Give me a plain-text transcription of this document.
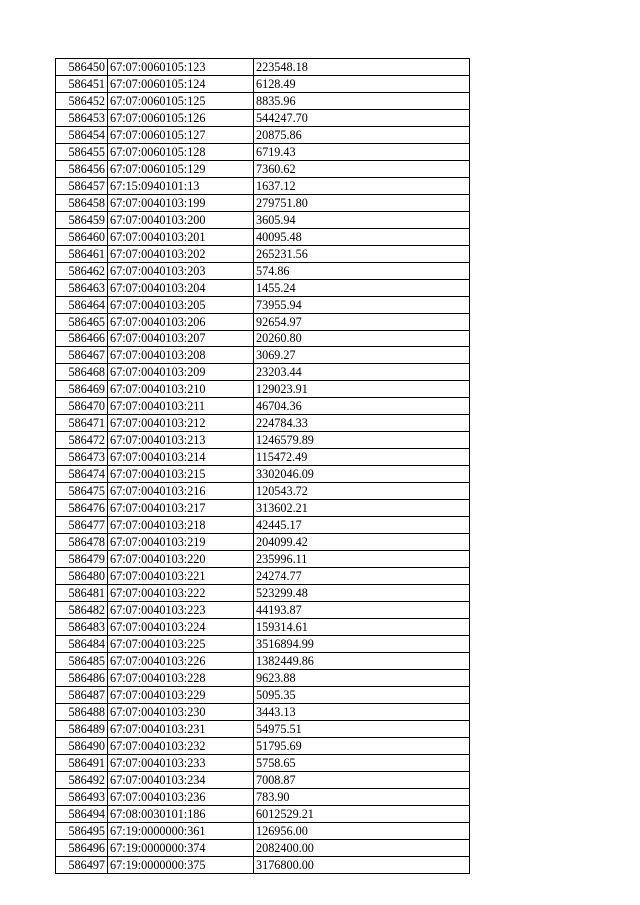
586450	67:07:0060105:123	223548.18
586451	67:07:0060105:124	6128.49
586452	67:07:0060105:125	8835.96
586453	67:07:0060105:126	544247.70
586454	67:07:0060105:127	20875.86
586455	67:07:0060105:128	6719.43
586456	67:07:0060105:129	7360.62
586457	67:15:0940101:13	1637.12
586458	67:07:0040103:199	279751.80
586459	67:07:0040103:200	3605.94
586460	67:07:0040103:201	40095.48
586461	67:07:0040103:202	265231.56
586462	67:07:0040103:203	574.86
586463	67:07:0040103:204	1455.24
586464	67:07:0040103:205	73955.94
586465	67:07:0040103:206	92654.97
586466	67:07:0040103:207	20260.80
586467	67:07:0040103:208	3069.27
586468	67:07:0040103:209	23203.44
586469	67:07:0040103:210	129023.91
586470	67:07:0040103:211	46704.36
586471	67:07:0040103:212	224784.33
586472	67:07:0040103:213	1246579.89
586473	67:07:0040103:214	115472.49
586474	67:07:0040103:215	3302046.09
586475	67:07:0040103:216	120543.72
586476	67:07:0040103:217	313602.21
586477	67:07:0040103:218	42445.17
586478	67:07:0040103:219	204099.42
586479	67:07:0040103:220	235996.11
586480	67:07:0040103:221	24274.77
586481	67:07:0040103:222	523299.48
586482	67:07:0040103:223	44193.87
586483	67:07:0040103:224	159314.61
586484	67:07:0040103:225	3516894.99
586485	67:07:0040103:226	1382449.86
586486	67:07:0040103:228	9623.88
586487	67:07:0040103:229	5095.35
586488	67:07:0040103:230	3443.13
586489	67:07:0040103:231	54975.51
586490	67:07:0040103:232	51795.69
586491	67:07:0040103:233	5758.65
586492	67:07:0040103:234	7008.87
586493	67:07:0040103:236	783.90
586494	67:08:0030101:186	6012529.21
586495	67:19:0000000:361	126956.00
586496	67:19:0000000:374	2082400.00
586497	67:19:0000000:375	3176800.00
